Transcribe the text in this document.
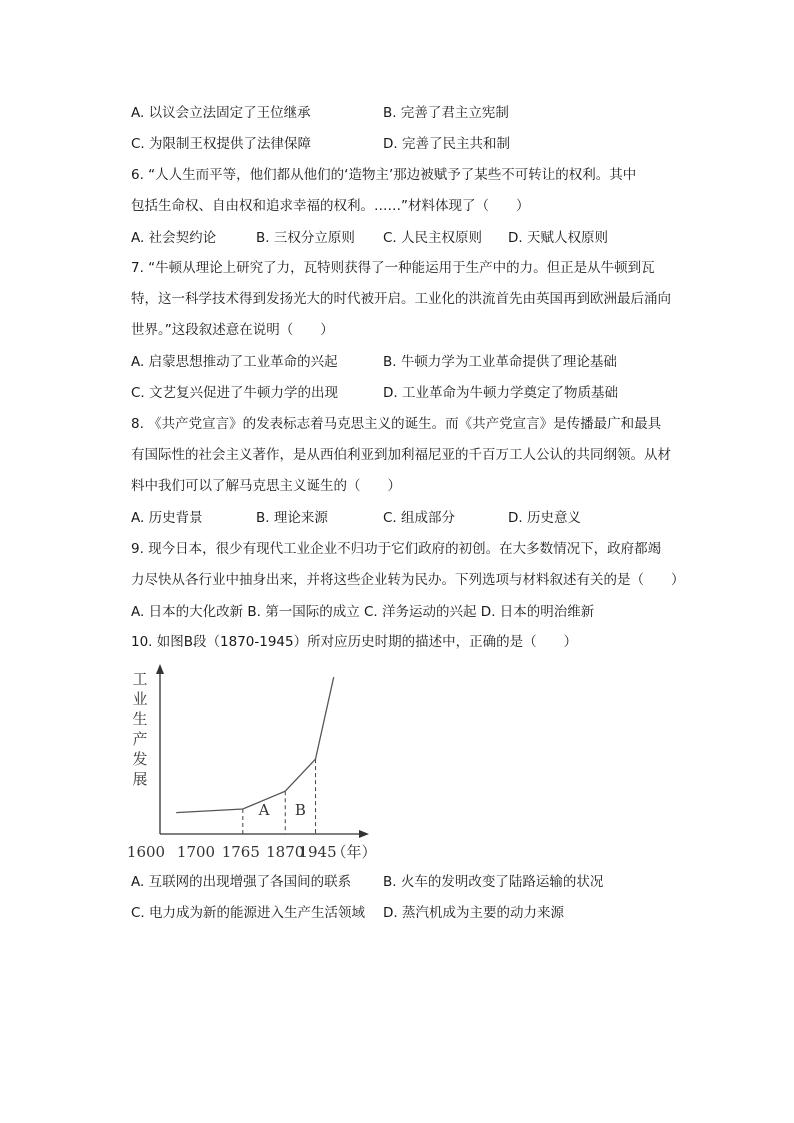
A. 以议会立法固定了王位继承	B. 完善了君主立宪制
C. 为限制王权提供了法律保障	D. 完善了民主共和制
6. “人人生而平等，他们都从他们的‘造物主’那边被赋予了某些不可转让的权利。其中
包括生命权、自由权和追求幸福的权利。……”材料体现了（　　）
A. 社会契约论	B. 三权分立原则 C. 人民主权原则 D. 天赋人权原则
7. “牛顿从理论上研究了力，瓦特则获得了一种能运用于生产中的力。但正是从牛顿到瓦
特，这一科学技术得到发扬光大的时代被开启。工业化的洪流首先由英国再到欧洲最后涌向
世界。”这段叙述意在说明（　　）
A. 启蒙思想推动了工业革命的兴起	B. 牛顿力学为工业革命提供了理论基础
C. 文艺复兴促进了牛顿力学的出现	D. 工业革命为牛顿力学奠定了物质基础
8. 《共产党宣言》的发表标志着马克思主义的诞生。而《共产党宣言》是传播最广和最具
有国际性的社会主义著作，是从西伯利亚到加利福尼亚的千百万工人公认的共同纲领。从材
料中我们可以了解马克思主义诞生的（　　）
A. 历史背景	B. 理论来源	C. 组成部分	D. 历史意义
9. 现今日本，很少有现代工业企业不归功于它们政府的初创。在大多数情况下，政府都竭
力尽快从各行业中抽身出来，并将这些企业转为民办。下列选项与材料叙述有关的是（　　）
A. 日本的大化改新 B. 第一国际的成立 C. 洋务运动的兴起 D. 日本的明治维新
10. 如图B段（1870-1945）所对应历史时期的描述中，正确的是（　　）
工
业
生
产
发
展
A B
1600 1700 1765 1870
1945
（年）
A. 互联网的出现增强了各国间的联系 B. 火车的发明改变了陆路运输的状况
C. 电力成为新的能源进入生产生活领域 D. 蒸汽机成为主要的动力来源
